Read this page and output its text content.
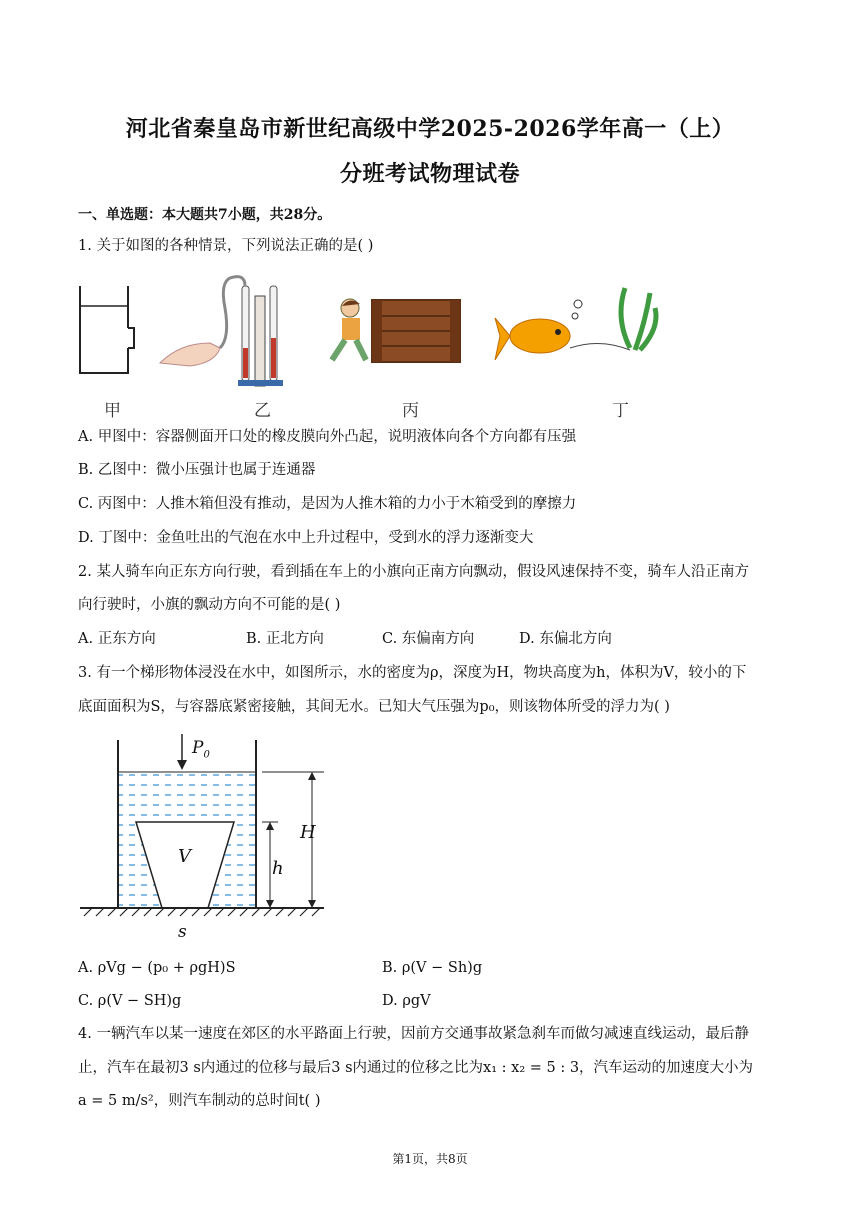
河北省秦皇岛市新世纪高级中学2025-2026学年高一（上）
分班考试物理试卷
一、单选题：本大题共7小题，共28分。
1. 关于如图的各种情景，下列说法正确的是( )
甲	乙	丙	丁
A. 甲图中：容器侧面开口处的橡皮膜向外凸起，说明液体向各个方向都有压强
B. 乙图中：微小压强计也属于连通器
C. 丙图中：人推木箱但没有推动，是因为人推木箱的力小于木箱受到的摩擦力
D. 丁图中：金鱼吐出的气泡在水中上升过程中，受到水的浮力逐渐变大
2. 某人骑车向正东方向行驶，看到插在车上的小旗向正南方向飘动，假设风速保持不变，骑车人沿正南方
向行驶时，小旗的飘动方向不可能的是( )
A. 正东方向	B. 正北方向	C. 东偏南方向	D. 东偏北方向
3. 有一个梯形物体浸没在水中，如图所示，水的密度为ρ，深度为H，物块高度为h，体积为V，较小的下
底面面积为S，与容器底紧密接触，其间无水。已知大气压强为p₀，则该物体所受的浮力为( )
$P_0$
V
h
H
s
A. ρVg − (p₀ + ρgH)S	B. ρ(V − Sh)g
C. ρ(V − SH)g	D. ρgV
4. 一辆汽车以某一速度在郊区的水平路面上行驶，因前方交通事故紧急刹车而做匀减速直线运动，最后静
止，汽车在最初3 s内通过的位移与最后3 s内通过的位移之比为x₁ : x₂ = 5 : 3，汽车运动的加速度大小为
a = 5 m/s²，则汽车制动的总时间t( )
第1页，共8页
